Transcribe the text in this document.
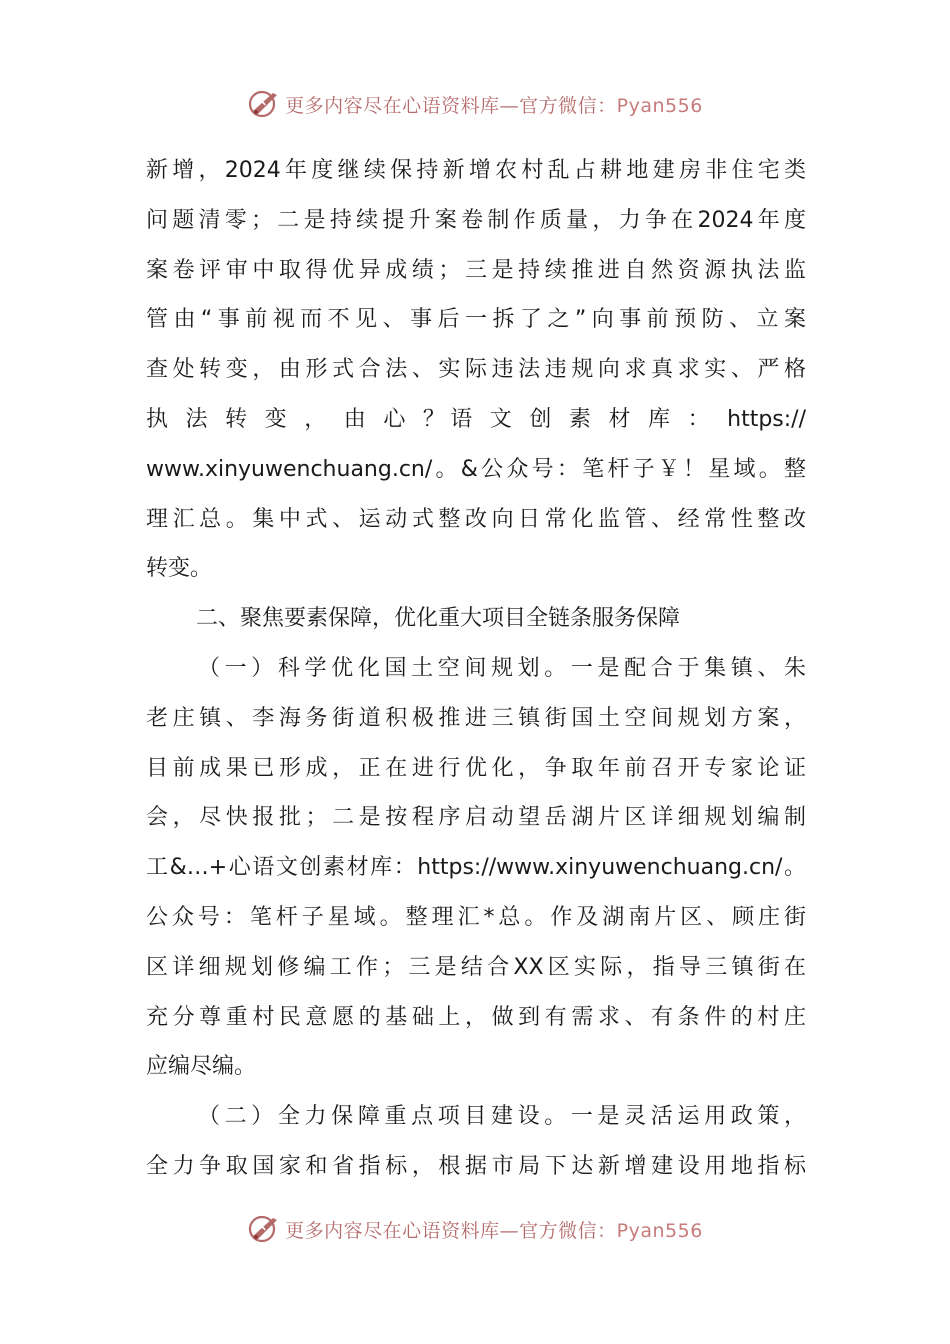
更多内容尽在心语资料库—官方微信：Pyan556
新增，2024年度继续保持新增农村乱占耕地建房非住宅类
问题清零；二是持续提升案卷制作质量，力争在2024年度
案卷评审中取得优异成绩；三是持续推进自然资源执法监
管由“事前视而不见、事后一拆了之”向事前预防、立案
查处转变，由形式合法、实际违法违规向求真求实、严格
执 法 转 变 ， 由 心 ？语 文 创 素 材 库 ： https://
www.xinyuwenchuang.cn/。&公众号：笔杆子￥！星域。整
理汇总。集中式、运动式整改向日常化监管、经常性整改
转变。
二、聚焦要素保障，优化重大项目全链条服务保障
（一）科学优化国土空间规划。一是配合于集镇、朱
老庄镇、李海务街道积极推进三镇街国土空间规划方案，
目前成果已形成，正在进行优化，争取年前召开专家论证
会，尽快报批；二是按程序启动望岳湖片区详细规划编制
工&…+心语文创素材库：https://www.xinyuwenchuang.cn/。
公众号：笔杆子星域。整理汇*总。作及湖南片区、顾庄街
区详细规划修编工作；三是结合XX区实际，指导三镇街在
充分尊重村民意愿的基础上，做到有需求、有条件的村庄
应编尽编。
（二）全力保障重点项目建设。一是灵活运用政策，
全力争取国家和省指标，根据市局下达新增建设用地指标
更多内容尽在心语资料库—官方微信：Pyan556
